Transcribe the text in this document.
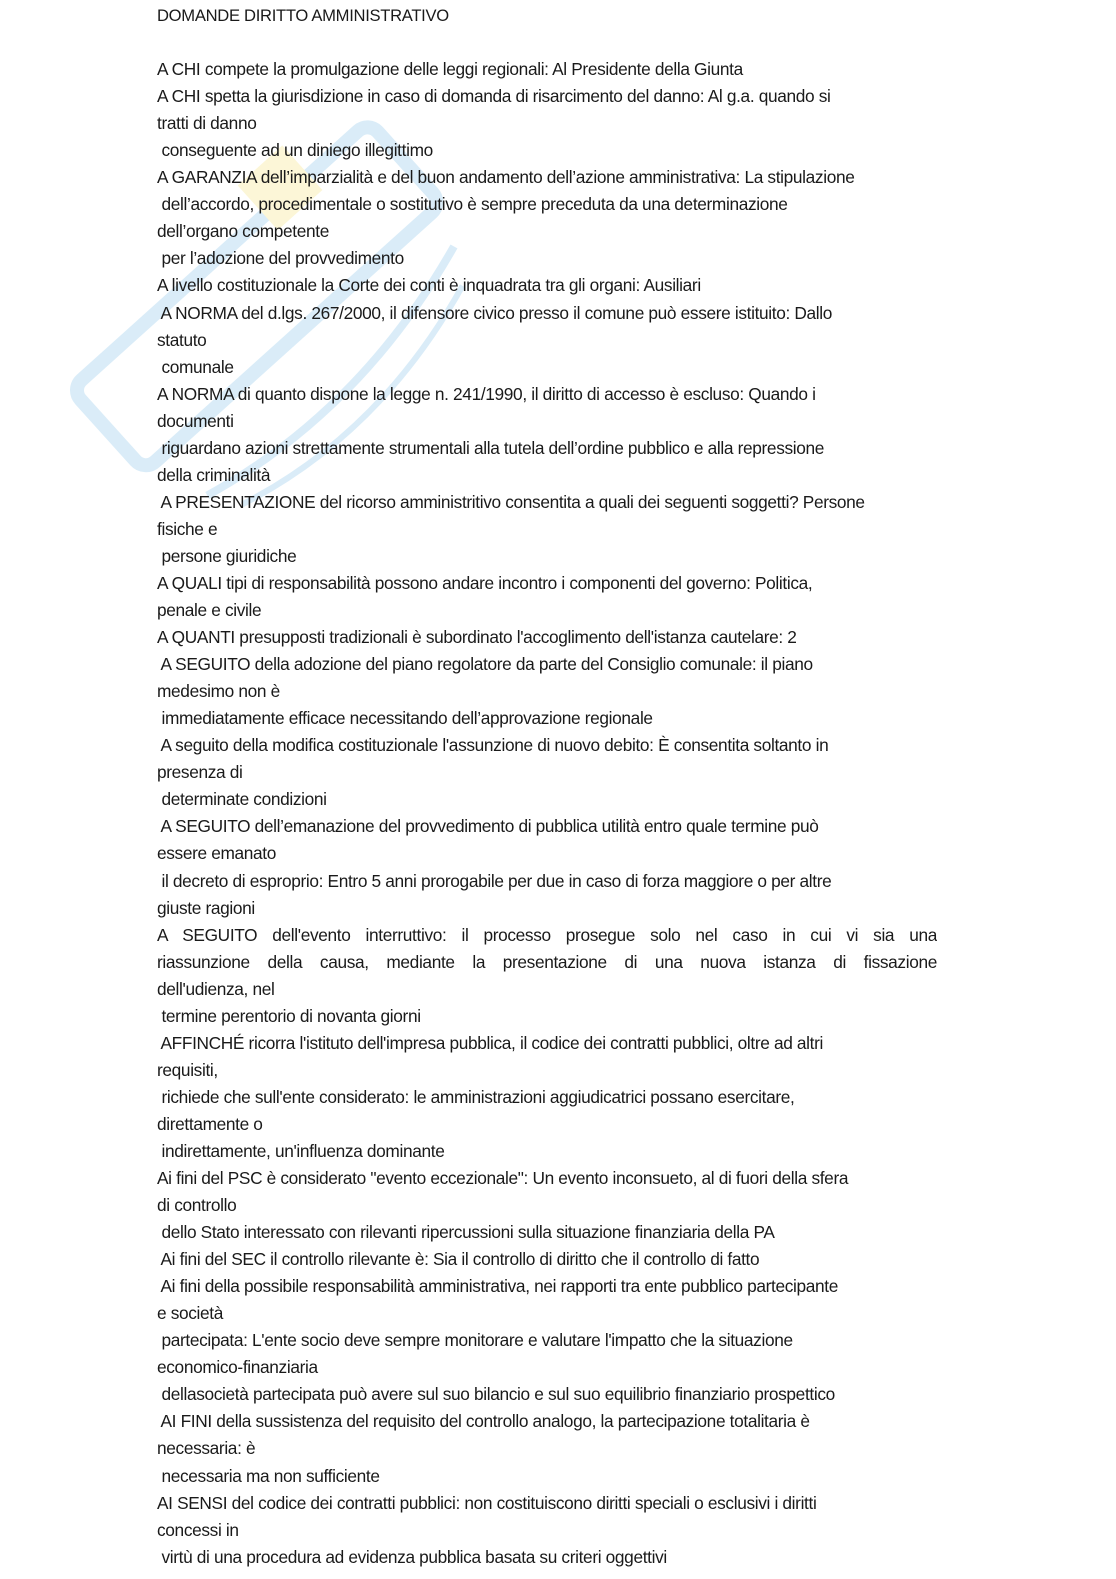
DOMANDE DIRITTO AMMINISTRATIVO
A CHI compete la promulgazione delle leggi regionali: Al Presidente della Giunta
A CHI spetta la giurisdizione in caso di domanda di risarcimento del danno: Al g.a. quando si
tratti di danno
conseguente ad un diniego illegittimo
A GARANZIA dell’imparzialità e del buon andamento dell’azione amministrativa: La stipulazione
dell’accordo, procedimentale o sostitutivo è sempre preceduta da una determinazione
dell’organo competente
per l’adozione del provvedimento
A livello costituzionale la Corte dei conti è inquadrata tra gli organi: Ausiliari
A NORMA del d.lgs. 267/2000, il difensore civico presso il comune può essere istituito: Dallo
statuto
comunale
A NORMA di quanto dispone la legge n. 241/1990, il diritto di accesso è escluso: Quando i
documenti
riguardano azioni strettamente strumentali alla tutela dell’ordine pubblico e alla repressione
della criminalità
A PRESENTAZIONE del ricorso amministritivo consentita a quali dei seguenti soggetti? Persone
fisiche e
persone giuridiche
A QUALI tipi di responsabilità possono andare incontro i componenti del governo: Politica,
penale e civile
A QUANTI presupposti tradizionali è subordinato l'accoglimento dell'istanza cautelare: 2
A SEGUITO della adozione del piano regolatore da parte del Consiglio comunale: il piano
medesimo non è
immediatamente efficace necessitando dell’approvazione regionale
A seguito della modifica costituzionale l'assunzione di nuovo debito: È consentita soltanto in
presenza di
determinate condizioni
A SEGUITO dell’emanazione del provvedimento di pubblica utilità entro quale termine può
essere emanato
il decreto di esproprio: Entro 5 anni prorogabile per due in caso di forza maggiore o per altre
giuste ragioni
A SEGUITO dell'evento interruttivo: il processo prosegue solo nel caso in cui vi sia una
riassunzione della causa, mediante la presentazione di una nuova istanza di fissazione
dell'udienza, nel
termine perentorio di novanta giorni
AFFINCHÉ ricorra l'istituto dell'impresa pubblica, il codice dei contratti pubblici, oltre ad altri
requisiti,
richiede che sull'ente considerato: le amministrazioni aggiudicatrici possano esercitare,
direttamente o
indirettamente, un'influenza dominante
Ai fini del PSC è considerato "evento eccezionale": Un evento inconsueto, al di fuori della sfera
di controllo
dello Stato interessato con rilevanti ripercussioni sulla situazione finanziaria della PA
Ai fini del SEC il controllo rilevante è: Sia il controllo di diritto che il controllo di fatto
Ai fini della possibile responsabilità amministrativa, nei rapporti tra ente pubblico partecipante
e società
partecipata: L'ente socio deve sempre monitorare e valutare l'impatto che la situazione
economico-finanziaria
dellasocietà partecipata può avere sul suo bilancio e sul suo equilibrio finanziario prospettico
AI FINI della sussistenza del requisito del controllo analogo, la partecipazione totalitaria è
necessaria: è
necessaria ma non sufficiente
AI SENSI del codice dei contratti pubblici: non costituiscono diritti speciali o esclusivi i diritti
concessi in
virtù di una procedura ad evidenza pubblica basata su criteri oggettivi
